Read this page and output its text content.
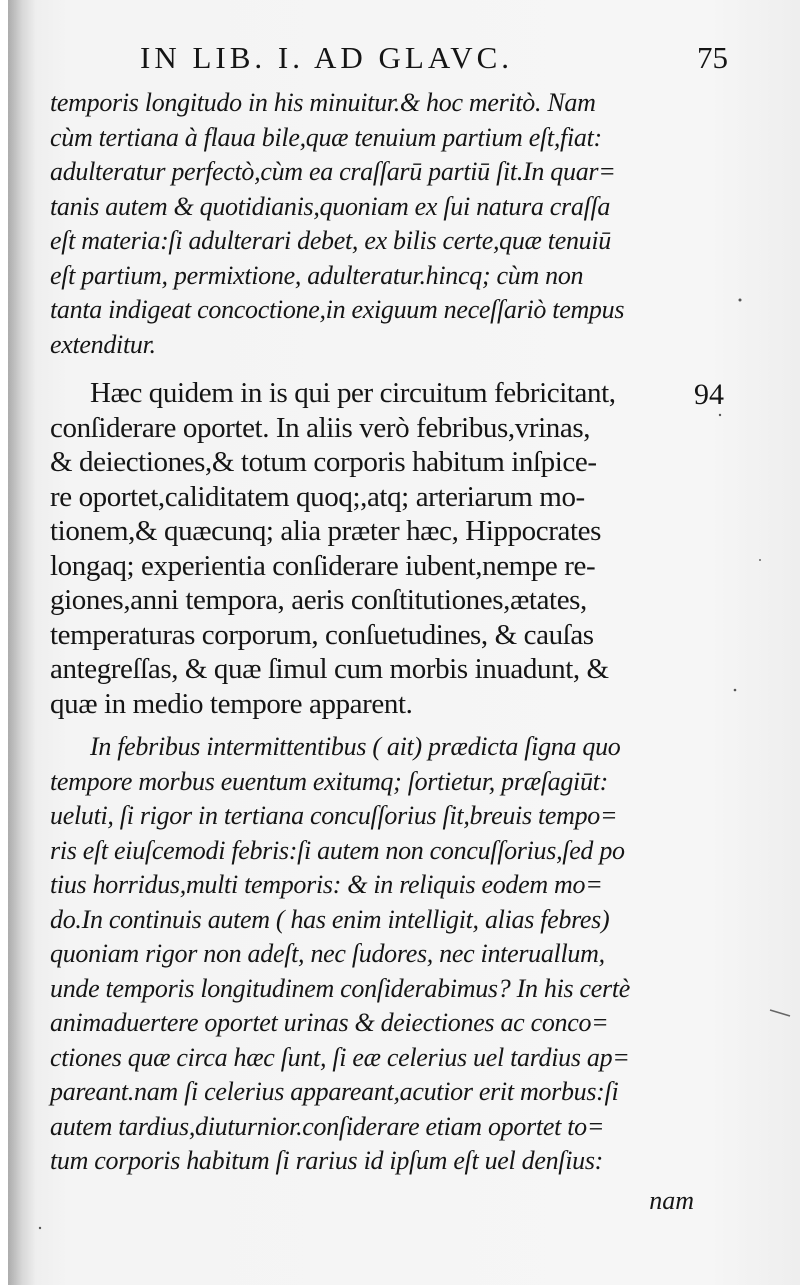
IN LIB. I. AD GLAVC.	75
temporis longitudo in his minuitur.& hoc meritò. Nam
cùm tertiana à flaua bile,quæ tenuium partium eſt,fiat:
adulteratur perfectò,cùm ea craſſarū partiū ſit.In quar=
tanis autem & quotidianis,quoniam ex ſui natura craſſa
eſt materia:ſi adulterari debet, ex bilis certe,quæ tenuiū
eſt partium, permixtione, adulteratur.hincq; cùm non
tanta indigeat concoctione,in exiguum neceſſariò tempus
extenditur.
Hæc quidem in is qui per circuitum febricitant,
conſiderare oportet. In aliis verò febribus,vrinas,
& deiectiones,& totum corporis habitum inſpice-
re oportet,caliditatem quoq;,atq; arteriarum mo-
tionem,& quæcunq; alia præter hæc, Hippocrates
longaq; experientia conſiderare iubent,nempe re-
giones,anni tempora, aeris conſtitutiones,ætates,
temperaturas corporum, conſuetudines, & cauſas
antegreſſas, & quæ ſimul cum morbis inuadunt, &
quæ in medio tempore apparent.
94
In febribus intermittentibus ( ait) prædicta ſigna quo
tempore morbus euentum exitumq; ſortietur, præſagiūt:
ueluti, ſi rigor in tertiana concuſſorius ſit,breuis tempo=
ris eſt eiuſcemodi febris:ſi autem non concuſſorius,ſed po
tius horridus,multi temporis: & in reliquis eodem mo=
do.In continuis autem ( has enim intelligit, alias febres)
quoniam rigor non adeſt, nec ſudores, nec interuallum,
unde temporis longitudinem conſiderabimus? In his certè
animaduertere oportet urinas & deiectiones ac conco=
ctiones quæ circa hæc ſunt, ſi eæ celerius uel tardius ap=
pareant.nam ſi celerius appareant,acutior erit morbus:ſi
autem tardius,diuturnior.conſiderare etiam oportet to=
tum corporis habitum ſi rarius id ipſum eſt uel denſius:
nam
